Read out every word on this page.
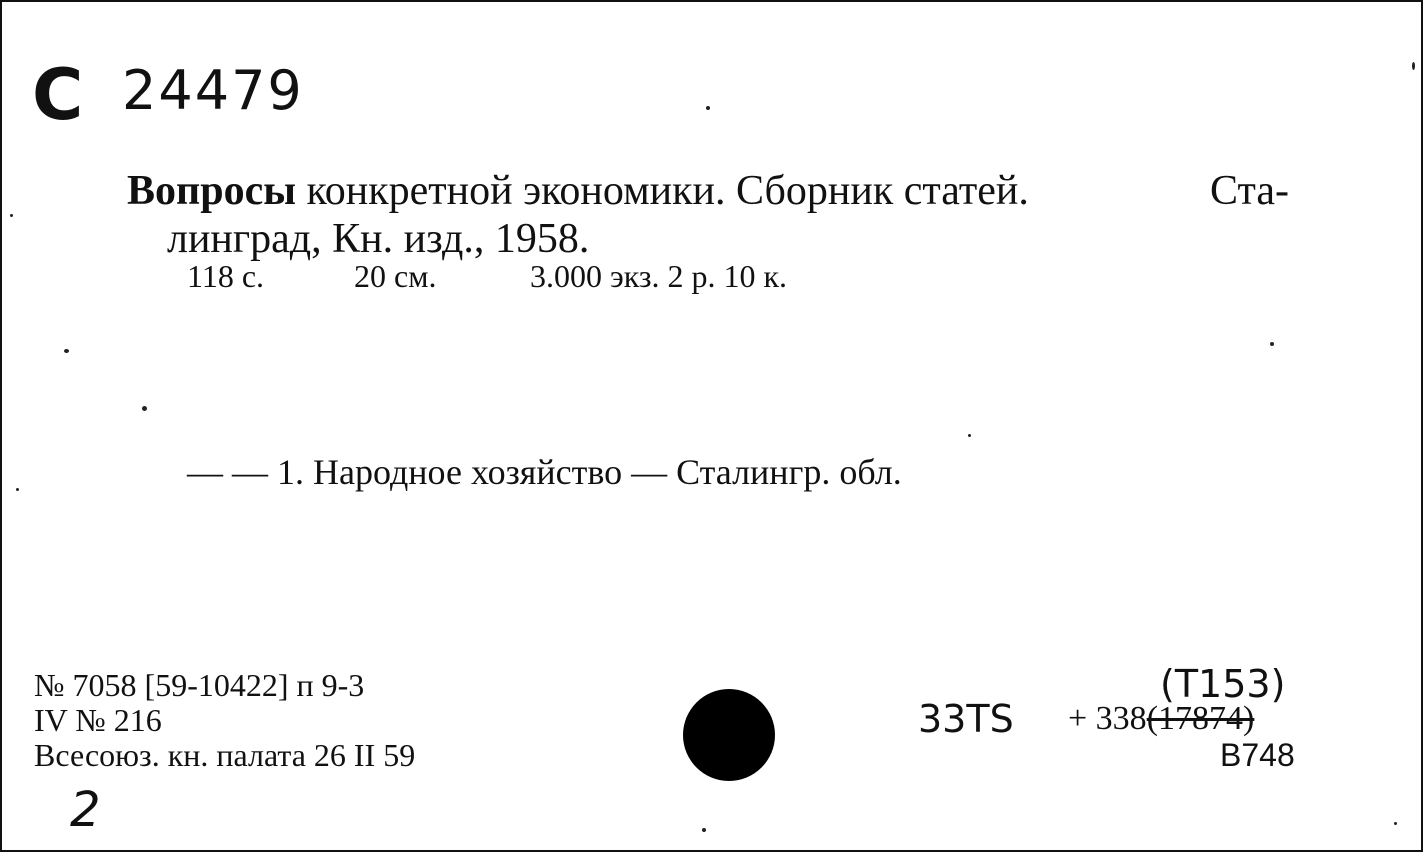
C 24479
Вопросы конкретной экономики. Сборник статей.	Ста-
линград, Кн. изд., 1958.
118 с.	20 см.	3.000 экз. 2 р. 10 к.
— — 1. Народное хозяйство — Сталингр. обл.
№ 7058 [59-10422] п 9-3
IV № 216
Всесоюз. кн. палата 26 II 59
2
33TS + 338(17874)
(T153)
B748
